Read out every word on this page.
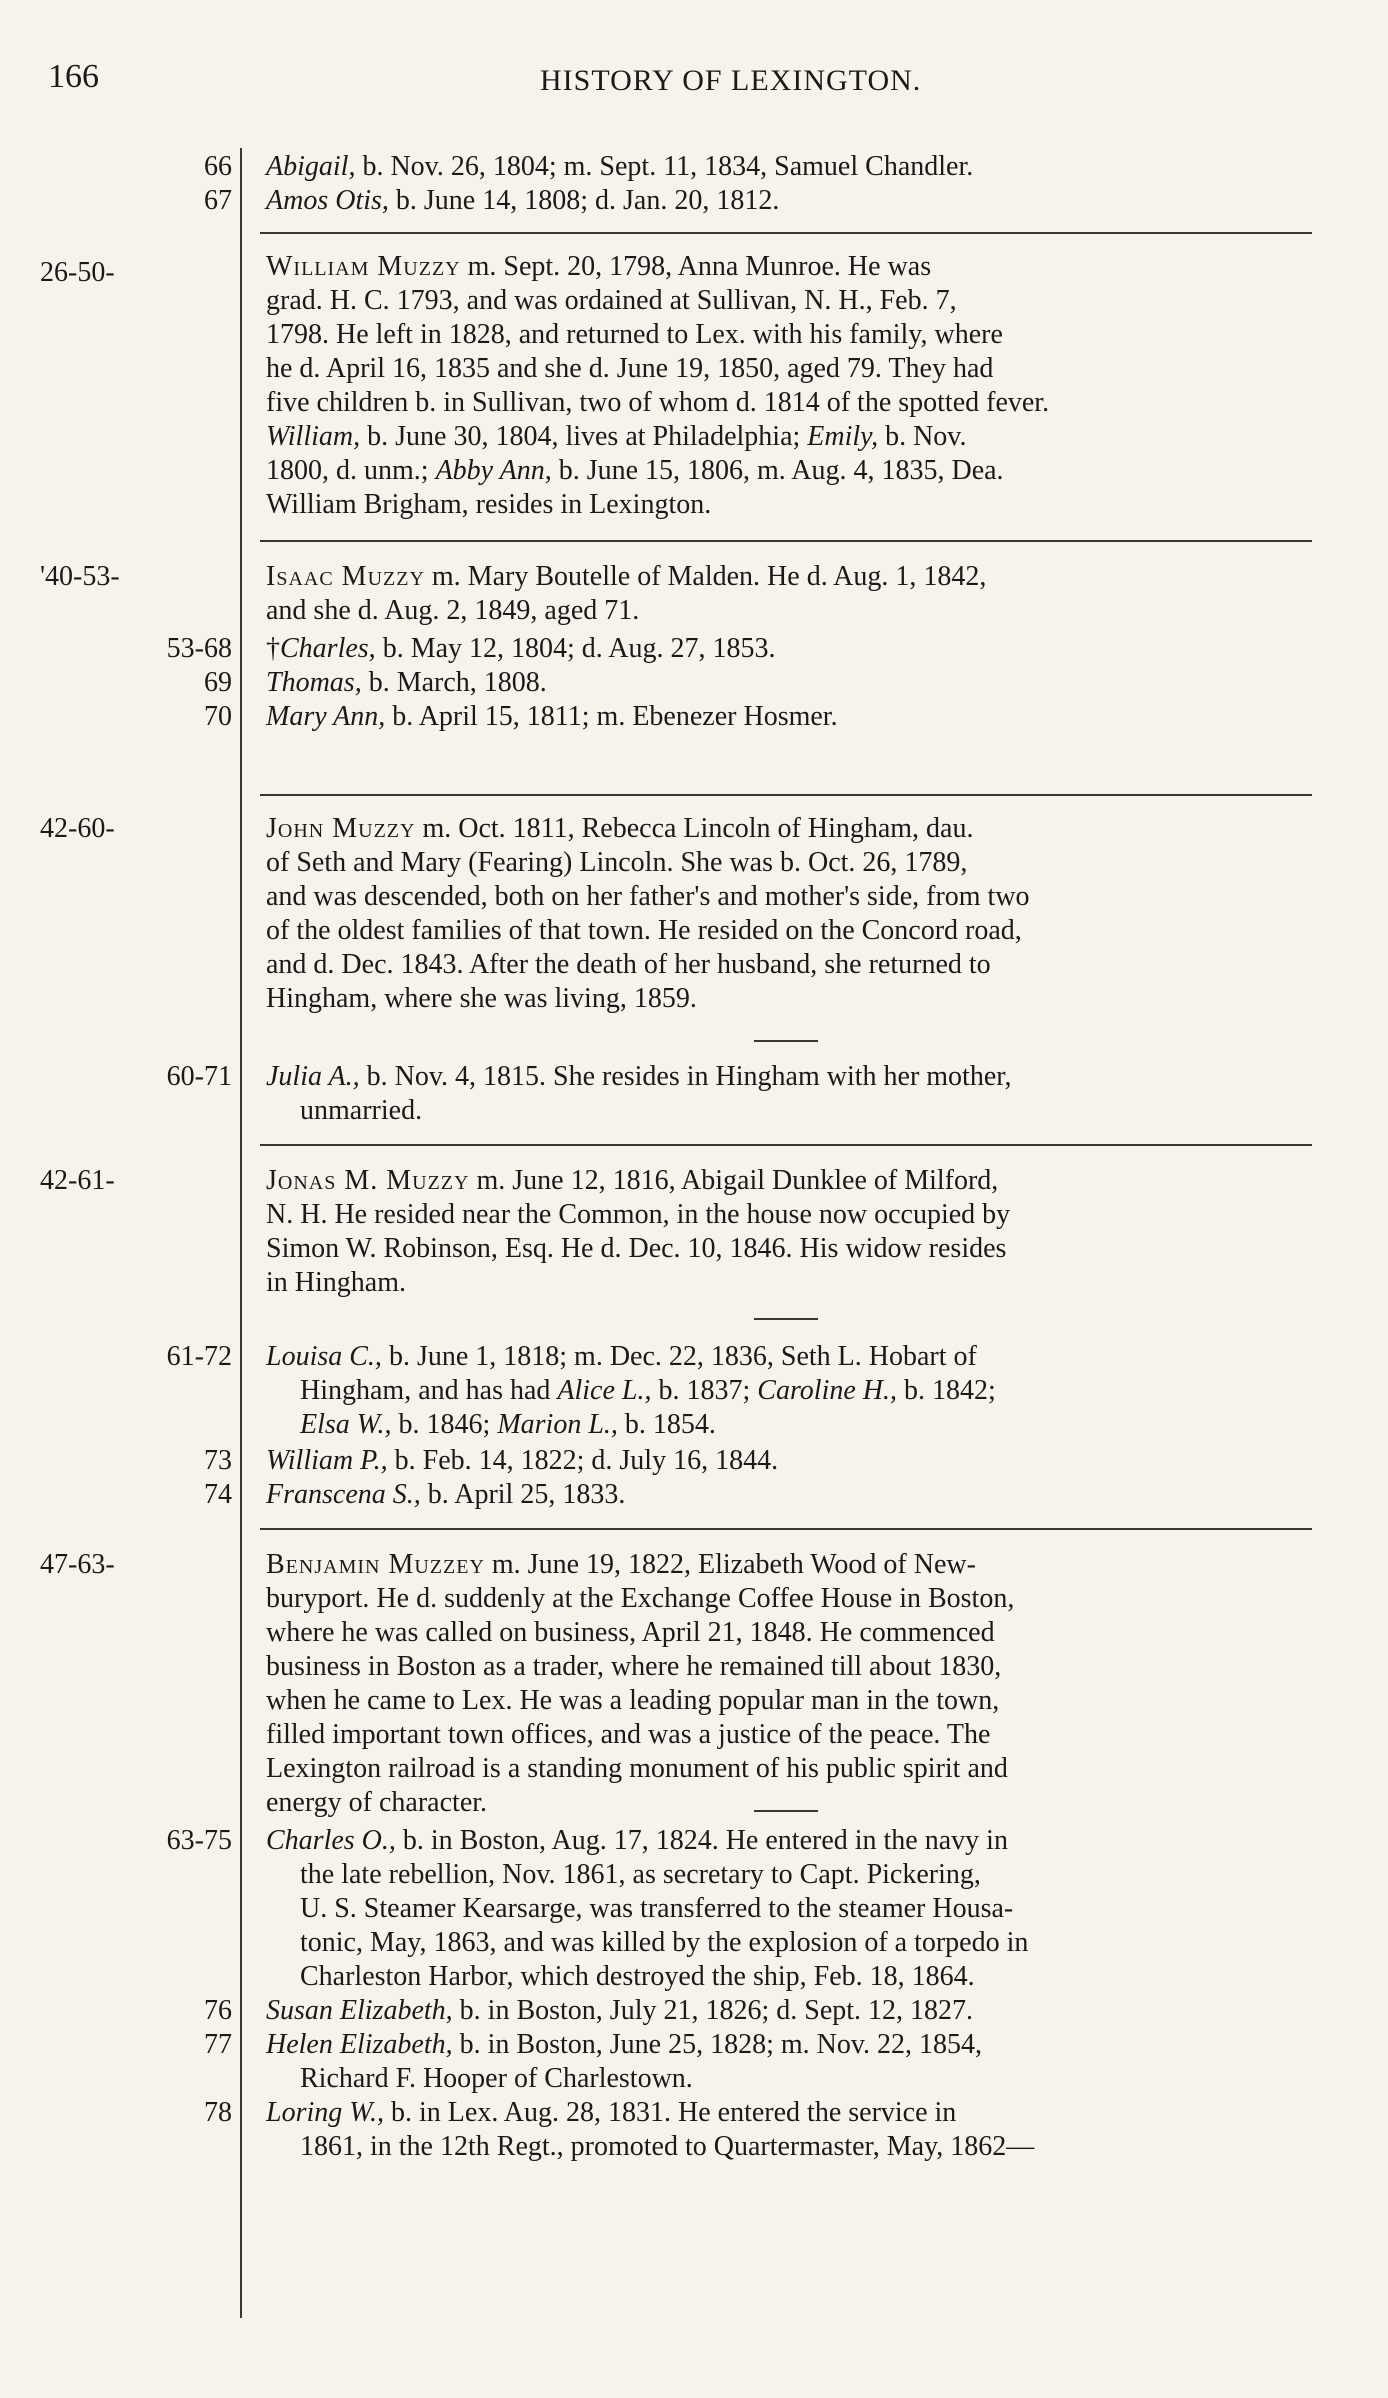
166	HISTORY OF LEXINGTON.
66
67
26-50-
'40-53-
53-68
69
70
42-60-
60-71
42-61-
61-72
73
74
47-63-
63-75
76
77
78
Abigail, b. Nov. 26, 1804; m. Sept. 11, 1834, Samuel Chandler.
Amos Otis, b. June 14, 1808; d. Jan. 20, 1812.
William Muzzy m. Sept. 20, 1798, Anna Munroe. He was
grad. H. C. 1793, and was ordained at Sullivan, N. H., Feb. 7,
1798. He left in 1828, and returned to Lex. with his family, where
he d. April 16, 1835 and she d. June 19, 1850, aged 79. They had
five children b. in Sullivan, two of whom d. 1814 of the spotted fever.
William, b. June 30, 1804, lives at Philadelphia; Emily, b. Nov.
1800, d. unm.; Abby Ann, b. June 15, 1806, m. Aug. 4, 1835, Dea.
William Brigham, resides in Lexington.
Isaac Muzzy m. Mary Boutelle of Malden. He d. Aug. 1, 1842,
and she d. Aug. 2, 1849, aged 71.
†Charles, b. May 12, 1804; d. Aug. 27, 1853.
Thomas, b. March, 1808.
Mary Ann, b. April 15, 1811; m. Ebenezer Hosmer.
John Muzzy m. Oct. 1811, Rebecca Lincoln of Hingham, dau.
of Seth and Mary (Fearing) Lincoln. She was b. Oct. 26, 1789,
and was descended, both on her father's and mother's side, from two
of the oldest families of that town. He resided on the Concord road,
and d. Dec. 1843. After the death of her husband, she returned to
Hingham, where she was living, 1859.
Julia A., b. Nov. 4, 1815. She resides in Hingham with her mother,
unmarried.
Jonas M. Muzzy m. June 12, 1816, Abigail Dunklee of Milford,
N. H. He resided near the Common, in the house now occupied by
Simon W. Robinson, Esq. He d. Dec. 10, 1846. His widow resides
in Hingham.
Louisa C., b. June 1, 1818; m. Dec. 22, 1836, Seth L. Hobart of
Hingham, and has had Alice L., b. 1837; Caroline H., b. 1842;
Elsa W., b. 1846; Marion L., b. 1854.
William P., b. Feb. 14, 1822; d. July 16, 1844.
Franscena S., b. April 25, 1833.
Benjamin Muzzey m. June 19, 1822, Elizabeth Wood of New-
buryport. He d. suddenly at the Exchange Coffee House in Boston,
where he was called on business, April 21, 1848. He commenced
business in Boston as a trader, where he remained till about 1830,
when he came to Lex. He was a leading popular man in the town,
filled important town offices, and was a justice of the peace. The
Lexington railroad is a standing monument of his public spirit and
energy of character.
Charles O., b. in Boston, Aug. 17, 1824. He entered in the navy in
the late rebellion, Nov. 1861, as secretary to Capt. Pickering,
U. S. Steamer Kearsarge, was transferred to the steamer Housa-
tonic, May, 1863, and was killed by the explosion of a torpedo in
Charleston Harbor, which destroyed the ship, Feb. 18, 1864.
Susan Elizabeth, b. in Boston, July 21, 1826; d. Sept. 12, 1827.
Helen Elizabeth, b. in Boston, June 25, 1828; m. Nov. 22, 1854,
Richard F. Hooper of Charlestown.
Loring W., b. in Lex. Aug. 28, 1831. He entered the service in
1861, in the 12th Regt., promoted to Quartermaster, May, 1862—
